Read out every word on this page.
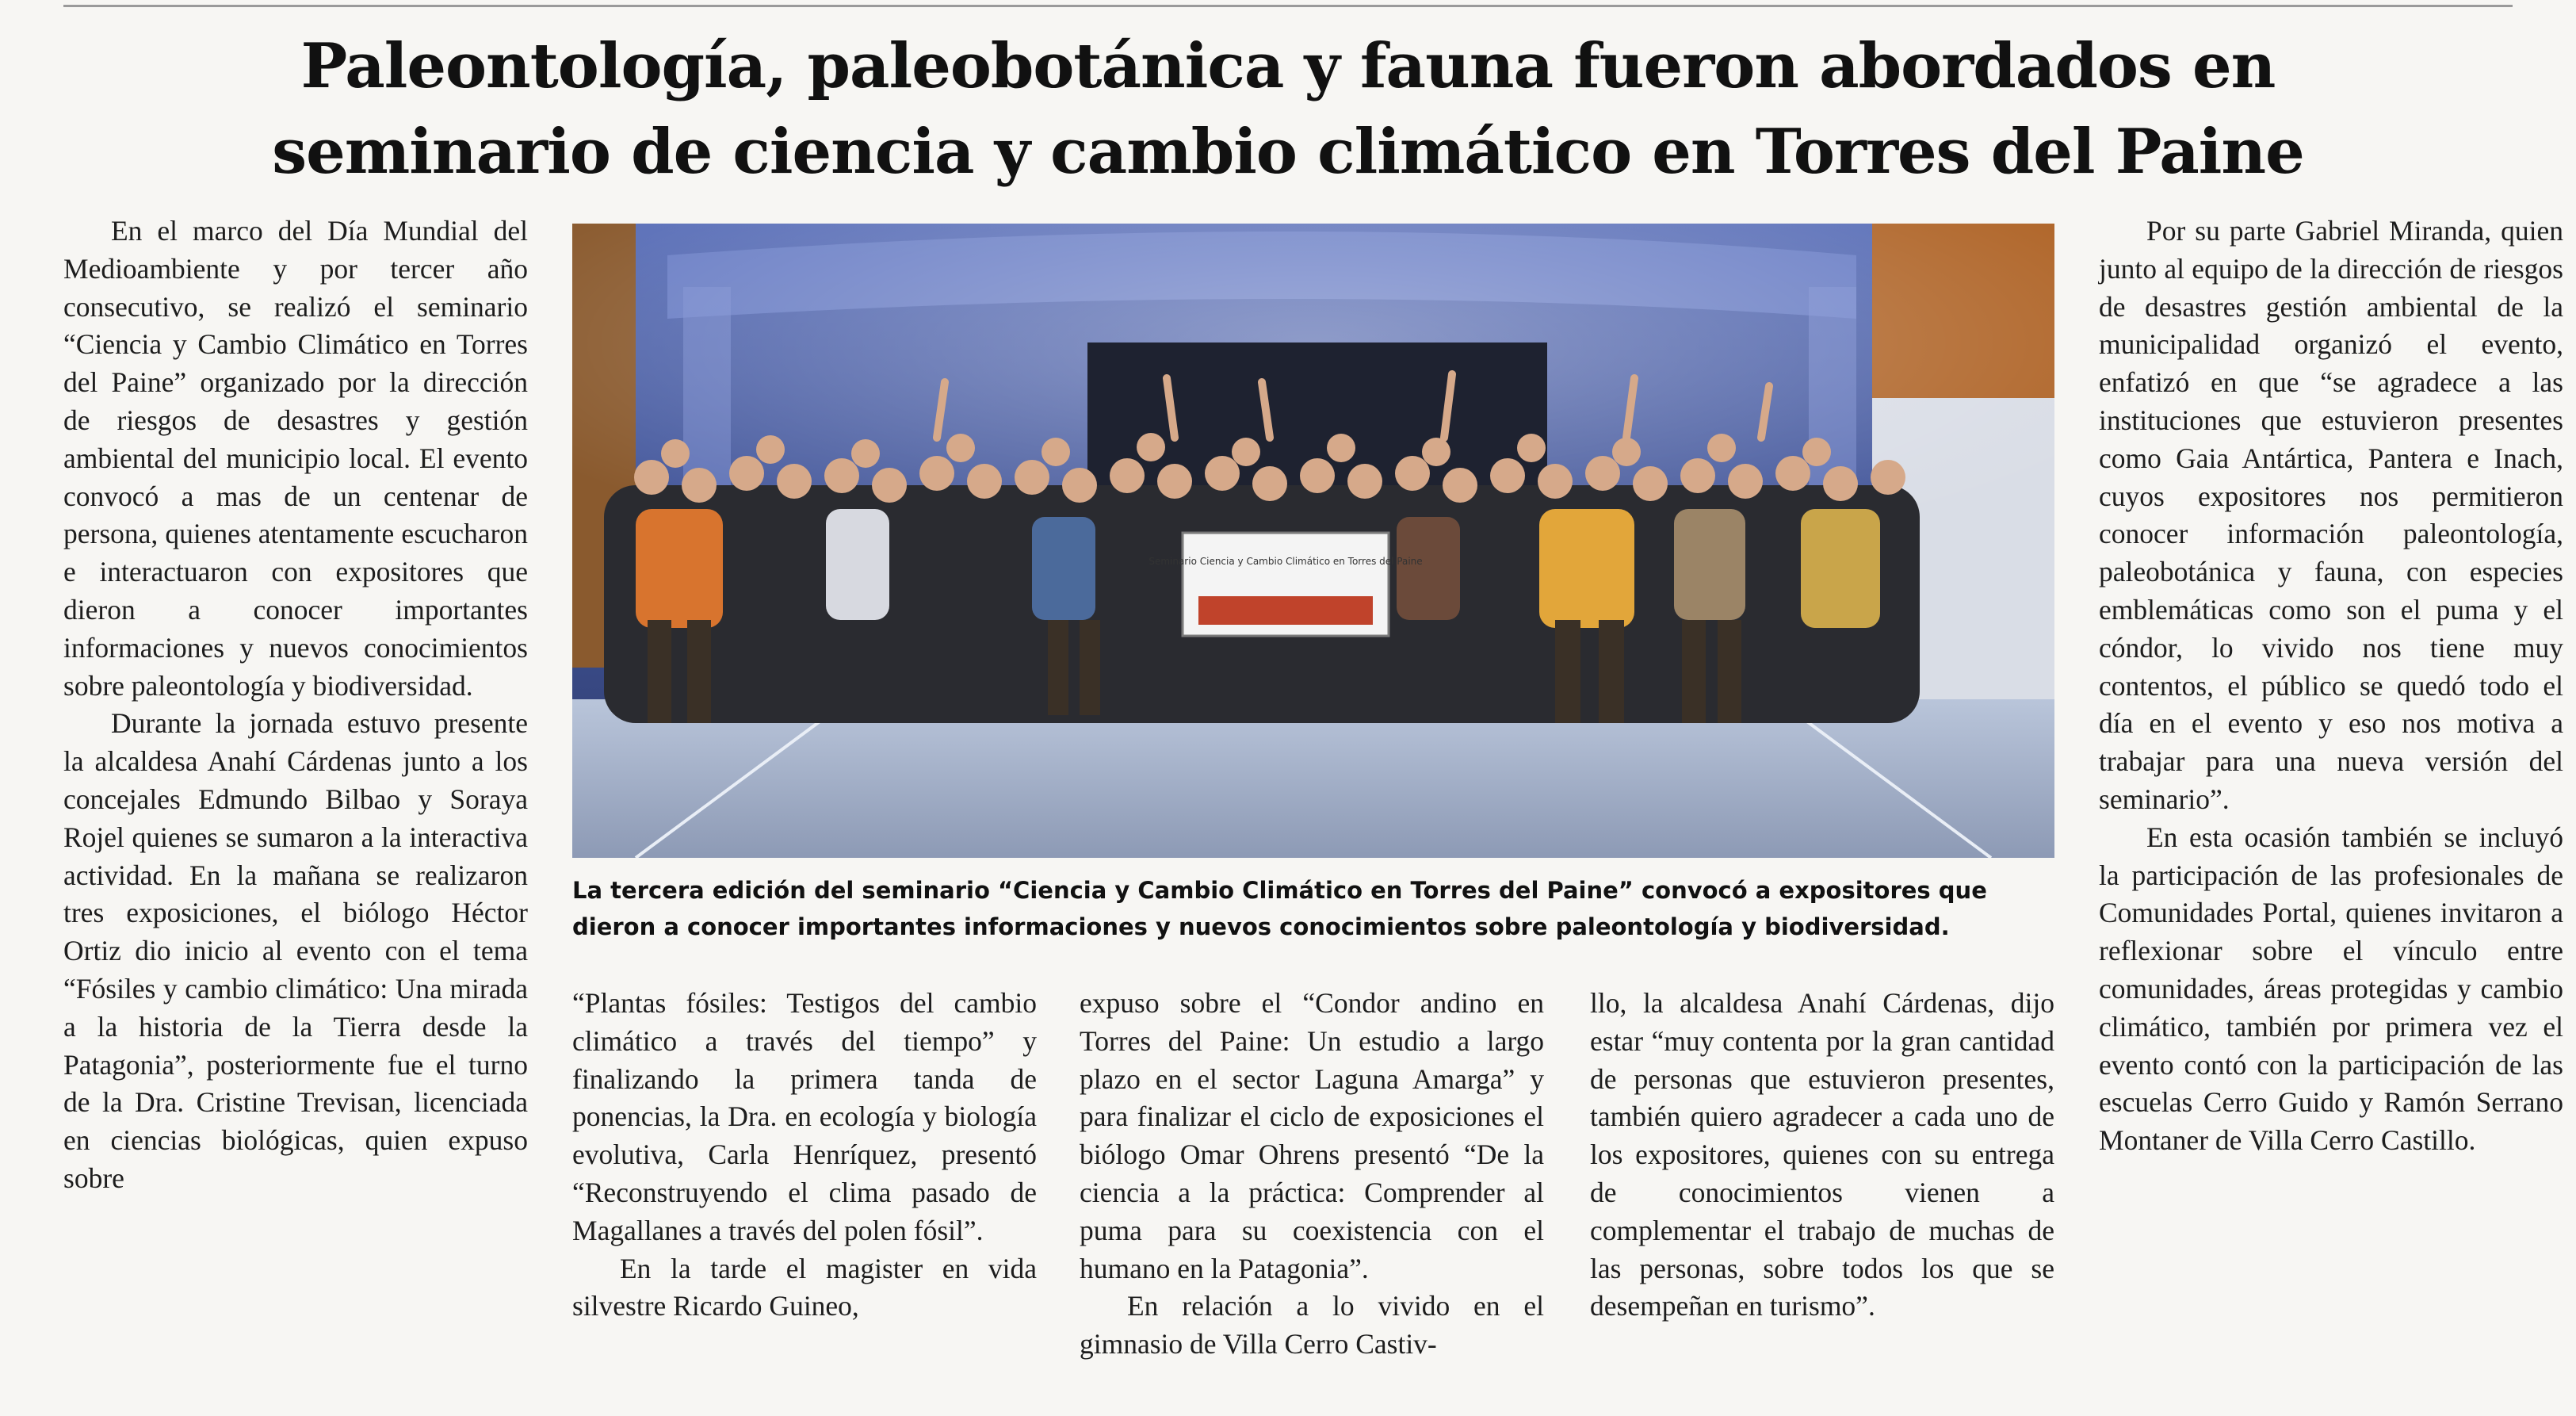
Paleontología, paleobotánica y fauna fueron abordados en
seminario de ciencia y cambio climático en Torres del Paine

En el marco del Día Mundial del Medioambiente y por tercer año consecutivo, se realizó el seminario “Ciencia y Cambio Climático en Torres del Paine” organizado por la dirección de riesgos de desastres y gestión ambiental del municipio local. El evento convocó a mas de un centenar de persona, quienes atentamente escucharon e interactuaron con expositores que dieron a conocer importantes informaciones y nuevos conocimientos sobre paleontología y biodiversidad.

Durante la jornada estuvo presente la alcaldesa Anahí Cárdenas junto a los concejales Edmundo Bilbao y Soraya Rojel quienes se sumaron a la interactiva actividad. En la mañana se realizaron tres exposiciones, el biólogo Héctor Ortiz dio inicio al evento con el tema “Fósiles y cambio climático: Una mirada a la historia de la Tierra desde la Patagonia”, posteriormente fue el turno de la Dra. Cristine Trevisan, licenciada en ciencias biológicas, quien expuso sobre

Seminario Ciencia y Cambio Climático en Torres del Paine
La tercera edición del seminario “Ciencia y Cambio Climático en Torres del Paine” convocó a expositores que dieron a conocer importantes informaciones y nuevos conocimientos sobre paleontología y biodiversidad.

“Plantas fósiles: Testigos del cambio climático a través del tiempo” y finalizando la primera tanda de ponencias, la Dra. en ecología y biología evolutiva, Carla Henríquez, presentó “Reconstruyendo el clima pasado de Magallanes a través del polen fósil”.

En la tarde el magister en vida silvestre Ricardo Guineo,

expuso sobre el “Condor andino en Torres del Paine: Un estudio a largo plazo en el sector Laguna Amarga” y para finalizar el ciclo de exposiciones el biólogo Omar Ohrens presentó “De la ciencia a la práctica: Comprender al puma para su coexistencia con el humano en la Patagonia”.

En relación a lo vivido en el gimnasio de Villa Cerro Castiv-

llo, la alcaldesa Anahí Cárdenas, dijo estar “muy contenta por la gran cantidad de personas que estuvieron presentes, también quiero agradecer a cada uno de los expositores, quienes con su entrega de conocimientos vienen a complementar el trabajo de muchas de las personas, sobre todos los que se desempeñan en turismo”.

Por su parte Gabriel Miranda, quien junto al equipo de la dirección de riesgos de desastres gestión ambiental de la municipalidad organizó el evento, enfatizó en que “se agradece a las instituciones que estuvieron presentes como Gaia Antártica, Pantera e Inach, cuyos expositores nos permitieron conocer información paleontología, paleobotánica y fauna, con especies emblemáticas como son el puma y el cóndor, lo vivido nos tiene muy contentos, el público se quedó todo el día en el evento y eso nos motiva a trabajar para una nueva versión del seminario”.

En esta ocasión también se incluyó la participación de las profesionales de Comunidades Portal, quienes invitaron a reflexionar sobre el vínculo entre comunidades, áreas protegidas y cambio climático, también por primera vez el evento contó con la participación de las escuelas Cerro Guido y Ramón Serrano Montaner de Villa Cerro Castillo.
